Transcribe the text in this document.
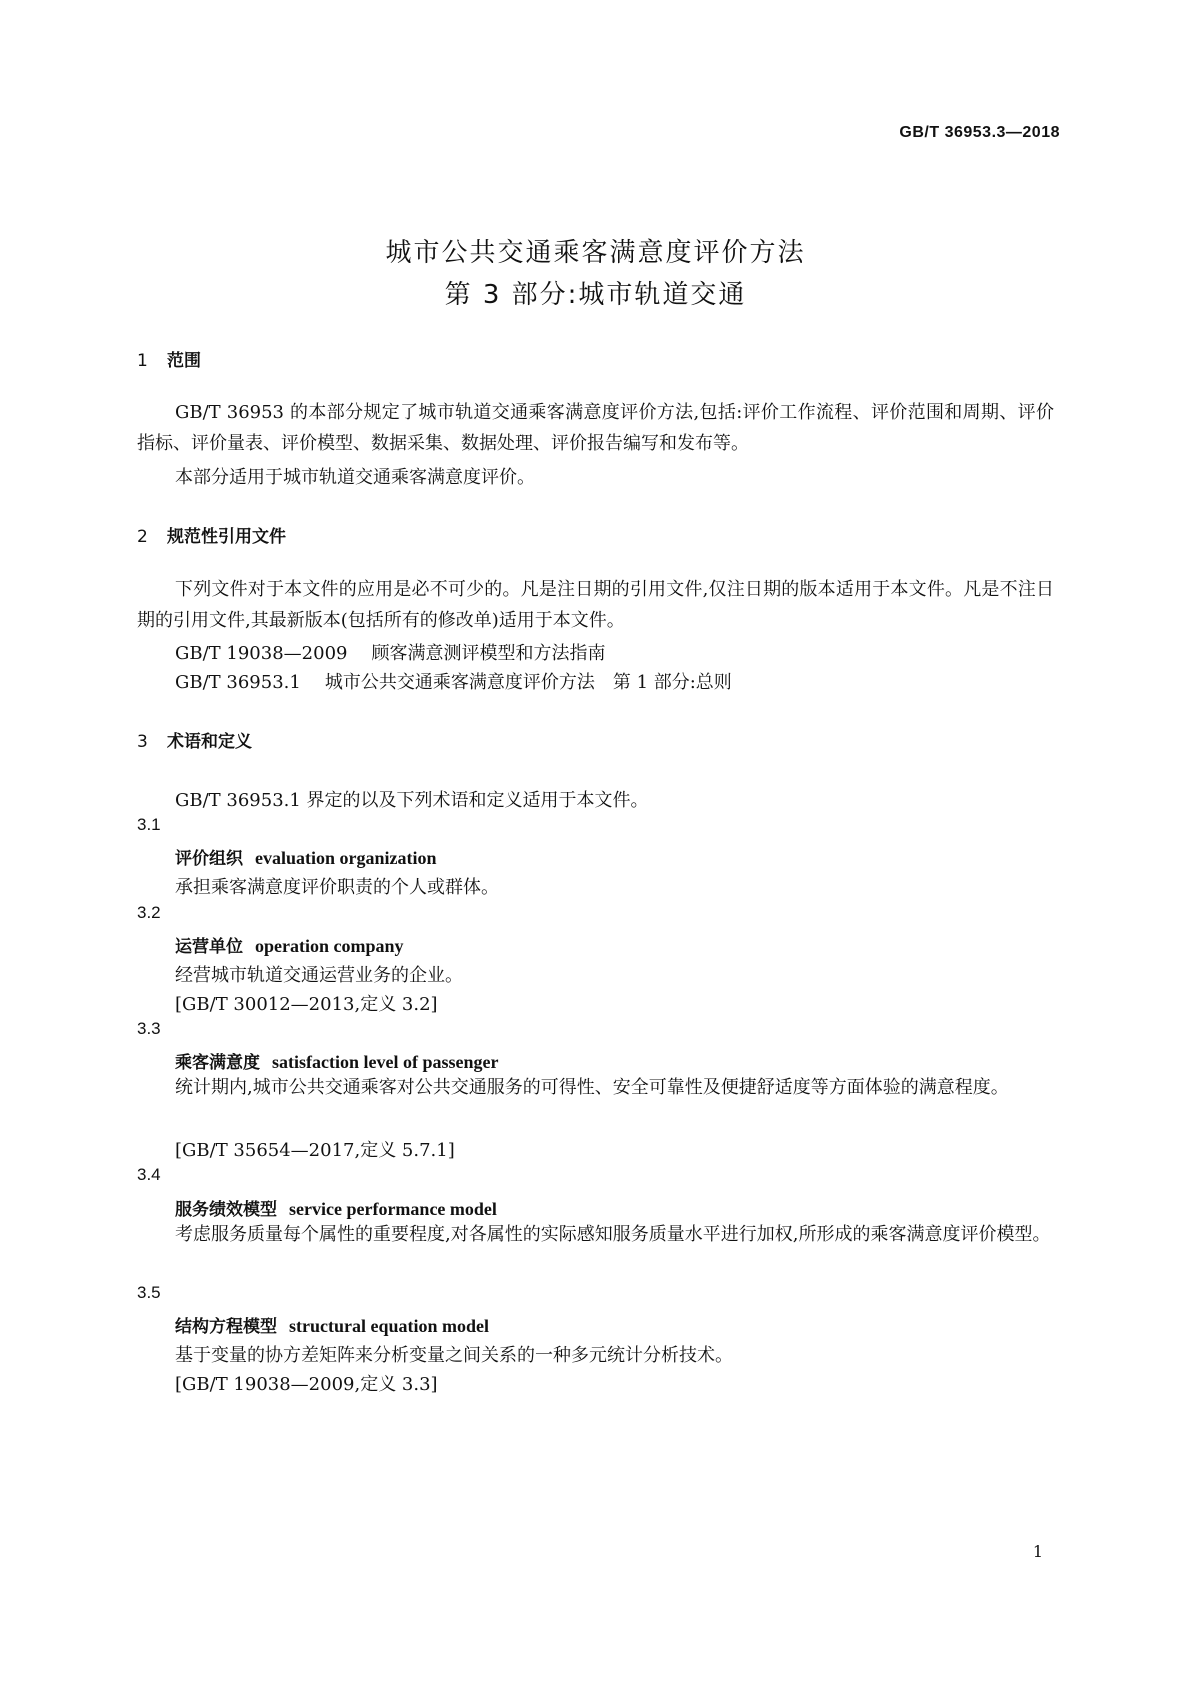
GB/T 36953.3—2018
城市公共交通乘客满意度评价方法
第 3 部分:城市轨道交通
1 范围
GB/T 36953 的本部分规定了城市轨道交通乘客满意度评价方法,包括:评价工作流程、评价范围和周期、评价指标、评价量表、评价模型、数据采集、数据处理、评价报告编写和发布等。
本部分适用于城市轨道交通乘客满意度评价。
2 规范性引用文件
下列文件对于本文件的应用是必不可少的。凡是注日期的引用文件,仅注日期的版本适用于本文件。凡是不注日期的引用文件,其最新版本(包括所有的修改单)适用于本文件。
GB/T 19038—2009 顾客满意测评模型和方法指南
GB/T 36953.1 城市公共交通乘客满意度评价方法　第 1 部分:总则
3 术语和定义
GB/T 36953.1 界定的以及下列术语和定义适用于本文件。
3.1
评价组织 evaluation organization
承担乘客满意度评价职责的个人或群体。
3.2
运营单位 operation company
经营城市轨道交通运营业务的企业。
[GB/T 30012—2013,定义 3.2]
3.3
乘客满意度 satisfaction level of passenger
统计期内,城市公共交通乘客对公共交通服务的可得性、安全可靠性及便捷舒适度等方面体验的满意程度。
[GB/T 35654—2017,定义 5.7.1]
3.4
服务绩效模型 service performance model
考虑服务质量每个属性的重要程度,对各属性的实际感知服务质量水平进行加权,所形成的乘客满意度评价模型。
3.5
结构方程模型 structural equation model
基于变量的协方差矩阵来分析变量之间关系的一种多元统计分析技术。
[GB/T 19038—2009,定义 3.3]
1
